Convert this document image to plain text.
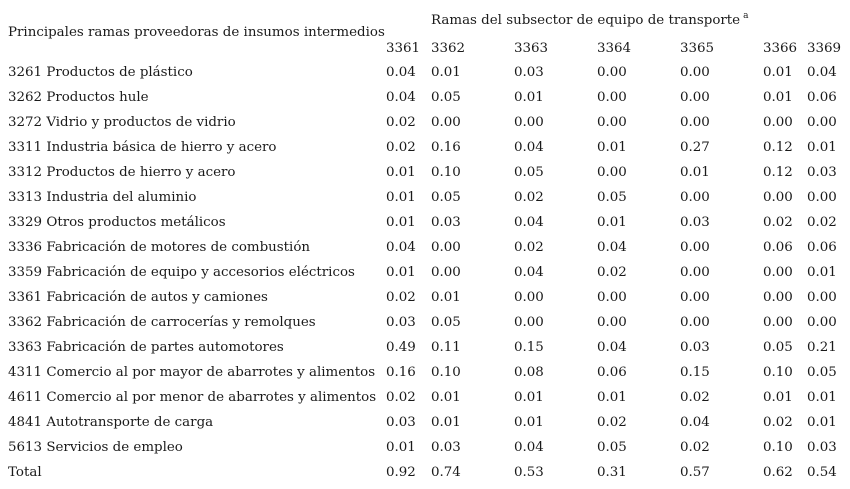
Principales ramas proveedoras de insumos intermedios
Ramas del subsector de equipo de transporte $^a$
3361 3362	3363	3364	3365	3366 3369
3261 Productos de plástico	0.04 0.01	0.03	0.00	0.00	0.01 0.04
3262 Productos hule	0.04 0.05	0.01	0.00	0.00	0.01 0.06
3272 Vidrio y productos de vidrio	0.02 0.00	0.00	0.00	0.00	0.00 0.00
3311 Industria básica de hierro y acero	0.02 0.16	0.04	0.01	0.27	0.12 0.01
3312 Productos de hierro y acero	0.01 0.10	0.05	0.00	0.01	0.12 0.03
3313 Industria del aluminio	0.01 0.05	0.02	0.05	0.00	0.00 0.00
3329 Otros productos metálicos	0.01 0.03	0.04	0.01	0.03	0.02 0.02
3336 Fabricación de motores de combustión	0.04 0.00	0.02	0.04	0.00	0.06 0.06
3359 Fabricación de equipo y accesorios eléctricos 0.01 0.00	0.04	0.02	0.00	0.00 0.01
3361 Fabricación de autos y camiones	0.02 0.01	0.00	0.00	0.00	0.00 0.00
3362 Fabricación de carrocerías y remolques	0.03 0.05	0.00	0.00	0.00	0.00 0.00
3363 Fabricación de partes automotores	0.49 0.11	0.15	0.04	0.03	0.05 0.21
4311 Comercio al por mayor de abarrotes y alimentos 0.16 0.10	0.08	0.06	0.15	0.10 0.05
4611 Comercio al por menor de abarrotes y alimentos 0.02 0.01	0.01	0.01	0.02	0.01 0.01
4841 Autotransporte de carga	0.03 0.01	0.01	0.02	0.04	0.02 0.01
5613 Servicios de empleo	0.01 0.03	0.04	0.05	0.02	0.10 0.03
Total	0.92 0.74	0.53	0.31	0.57	0.62 0.54
